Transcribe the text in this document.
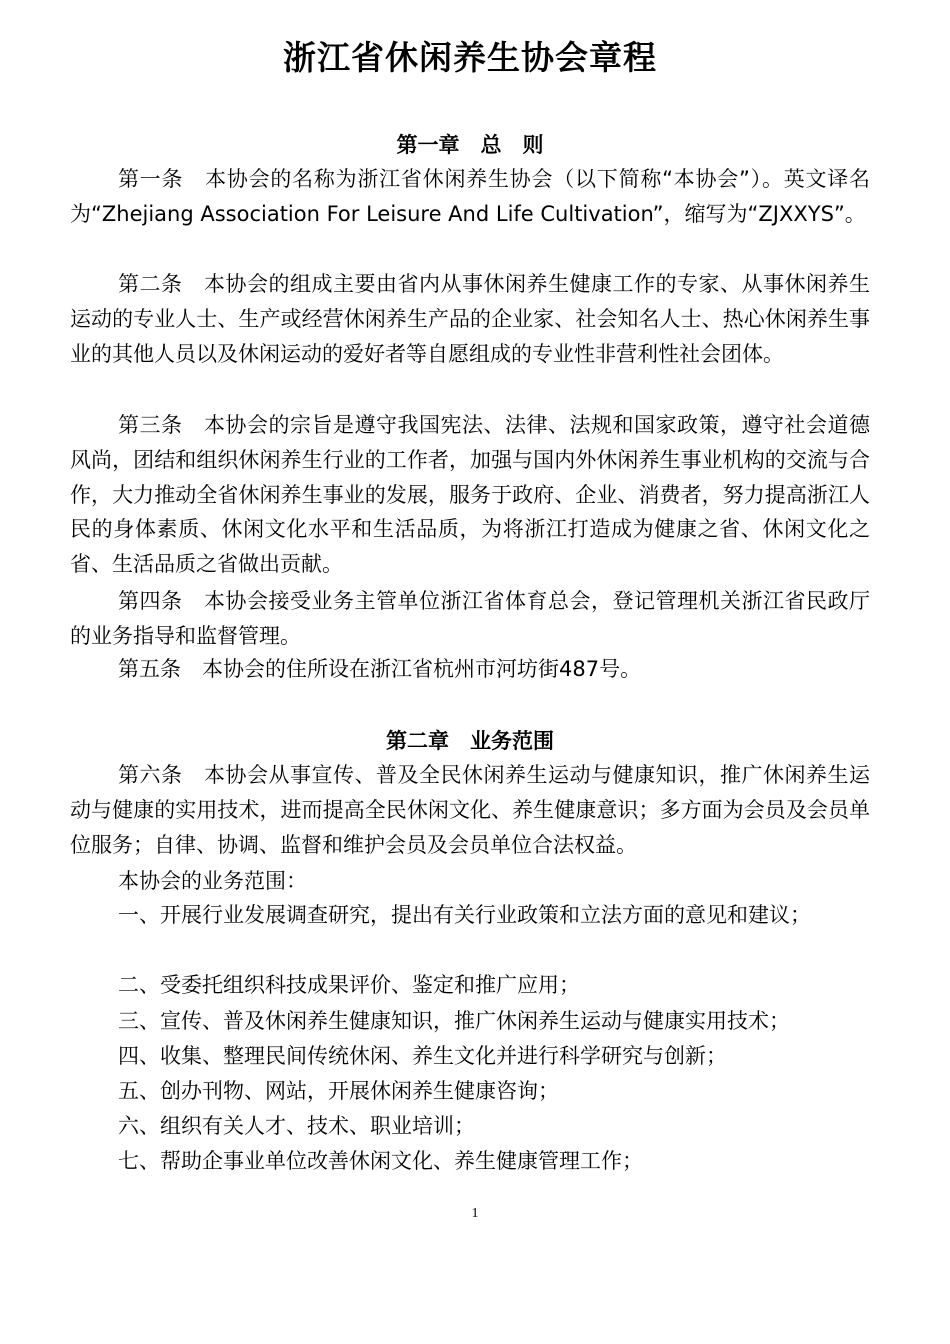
浙江省休闲养生协会章程
第一章　总　则

第一条　本协会的名称为浙江省休闲养生协会（以下简称“本协会”）。英文译名为“Zhejiang Association For Leisure And Life Cultivation”，缩写为“ZJXXYS”。

第二条　本协会的组成主要由省内从事休闲养生健康工作的专家、从事休闲养生运动的专业人士、生产或经营休闲养生产品的企业家、社会知名人士、热心休闲养生事业的其他人员以及休闲运动的爱好者等自愿组成的专业性非营利性社会团体。

第三条　本协会的宗旨是遵守我国宪法、法律、法规和国家政策，遵守社会道德风尚，团结和组织休闲养生行业的工作者，加强与国内外休闲养生事业机构的交流与合作，大力推动全省休闲养生事业的发展，服务于政府、企业、消费者，努力提高浙江人民的身体素质、休闲文化水平和生活品质，为将浙江打造成为健康之省、休闲文化之省、生活品质之省做出贡献。

第四条　本协会接受业务主管单位浙江省体育总会，登记管理机关浙江省民政厅的业务指导和监督管理。

第五条　本协会的住所设在浙江省杭州市河坊街487号。

第二章　业务范围

第六条　本协会从事宣传、普及全民休闲养生运动与健康知识，推广休闲养生运动与健康的实用技术，进而提高全民休闲文化、养生健康意识；多方面为会员及会员单位服务；自律、协调、监督和维护会员及会员单位合法权益。

本协会的业务范围：

一、开展行业发展调查研究，提出有关行业政策和立法方面的意见和建议；

二、受委托组织科技成果评价、鉴定和推广应用；

三、宣传、普及休闲养生健康知识，推广休闲养生运动与健康实用技术；

四、收集、整理民间传统休闲、养生文化并进行科学研究与创新；

五、创办刊物、网站，开展休闲养生健康咨询；

六、组织有关人才、技术、职业培训；

七、帮助企事业单位改善休闲文化、养生健康管理工作；

1
